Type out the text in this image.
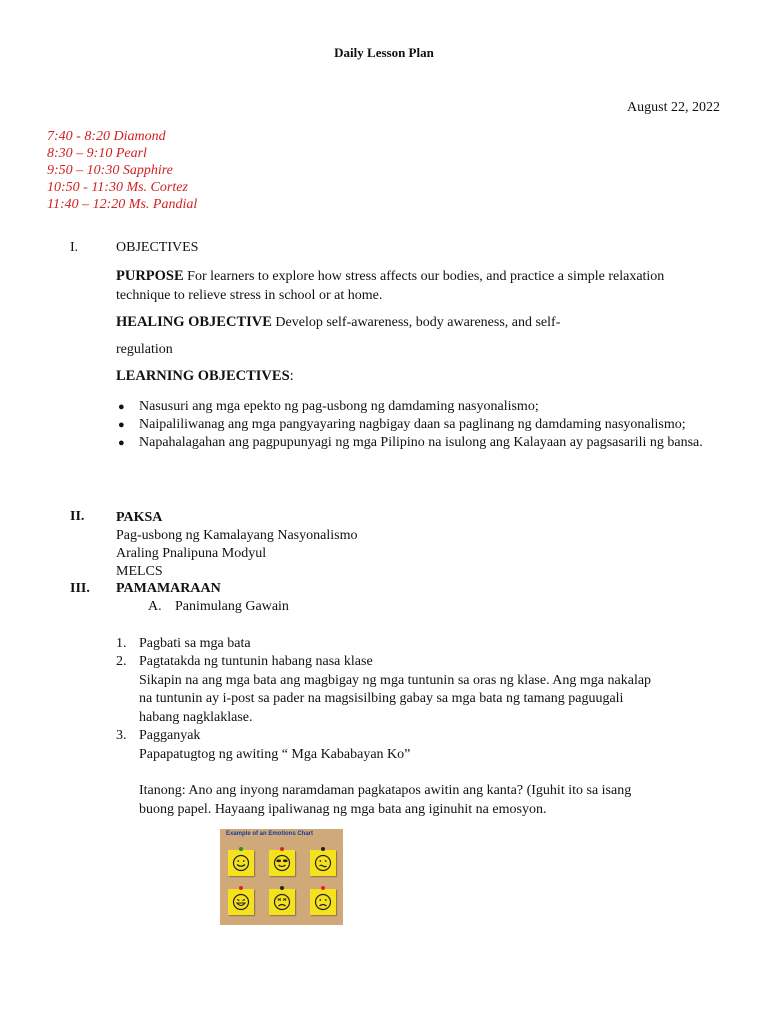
Daily Lesson Plan
August 22, 2022
7:40 - 8:20 Diamond
8:30 – 9:10 Pearl
9:50 – 10:30 Sapphire
10:50 - 11:30 Ms. Cortez
11:40 – 12:20 Ms. Pandial
I.	OBJECTIVES
PURPOSE For learners to explore how stress affects our bodies, and practice a simple relaxation
technique to relieve stress in school or at home.
HEALING OBJECTIVE Develop self-awareness, body awareness, and self-
regulation
LEARNING OBJECTIVES:
● Nasusuri ang mga epekto ng pag-usbong ng damdaming nasyonalismo;
● Naipaliliwanag ang mga pangyayaring nagbigay daan sa paglinang ng damdaming nasyonalismo;
● Napahalagahan ang pagpupunyagi ng mga Pilipino na isulong ang Kalayaan ay pagsasarili ng bansa.
II. PAKSA
Pag-usbong ng Kamalayang Nasyonalismo
Araling Pnalipuna Modyul
MELCS
III. PAMAMARAAN
A. Panimulang Gawain
1. Pagbati sa mga bata
2. Pagtatakda ng tuntunin habang nasa klase
Sikapin na ang mga bata ang magbigay ng mga tuntunin sa oras ng klase. Ang mga nakalap
na tuntunin ay i-post sa pader na magsisilbing gabay sa mga bata ng tamang paguugali
habang nagklaklase.
3. Pagganyak
Papapatugtog ng awiting “ Mga Kababayan Ko”
Itanong: Ano ang inyong naramdaman pagkatapos awitin ang kanta? (Iguhit ito sa isang
buong papel. Hayaang ipaliwanag ng mga bata ang iginuhit na emosyon.
Example of an Emotions Chart
